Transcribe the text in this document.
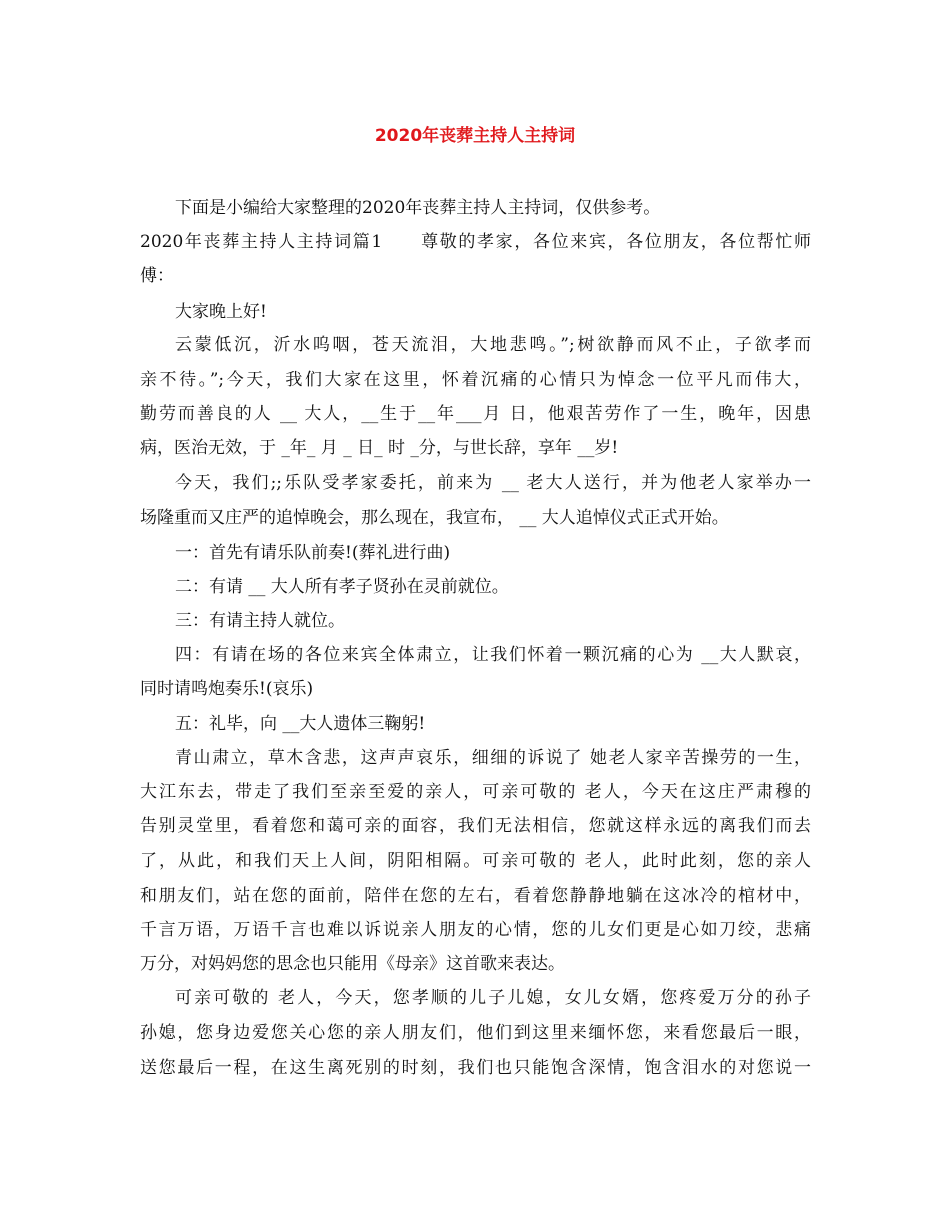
2020年丧葬主持人主持词
下面是小编给大家整理的2020年丧葬主持人主持词，仅供参考。
2020年丧葬主持人主持词篇1　　尊敬的孝家，各位来宾，各位朋友，各位帮忙师
傅：
大家晚上好!
云蒙低沉，沂水呜咽，苍天流泪，大地悲鸣。”;树欲静而风不止，子欲孝而
亲不待。”;今天，我们大家在这里，怀着沉痛的心情只为悼念一位平凡而伟大，
勤劳而善良的人 __ 大人，__生于__年___月 日，他艰苦劳作了一生，晚年，因患
病，医治无效，于 _年_ 月 _ 日_ 时 _分，与世长辞，享年 __岁!
今天，我们;;乐队受孝家委托，前来为 __ 老大人送行，并为他老人家举办一
场隆重而又庄严的追悼晚会，那么现在，我宣布， __ 大人追悼仪式正式开始。
一：首先有请乐队前奏!(葬礼进行曲)
二：有请 __ 大人所有孝子贤孙在灵前就位。
三：有请主持人就位。
四：有请在场的各位来宾全体肃立，让我们怀着一颗沉痛的心为 __大人默哀，
同时请鸣炮奏乐!(哀乐)
五：礼毕，向 __大人遗体三鞠躬!
青山肃立，草木含悲，这声声哀乐，细细的诉说了 她老人家辛苦操劳的一生，
大江东去，带走了我们至亲至爱的亲人，可亲可敬的 老人，今天在这庄严肃穆的
告别灵堂里，看着您和蔼可亲的面容，我们无法相信，您就这样永远的离我们而去
了，从此，和我们天上人间，阴阳相隔。可亲可敬的 老人，此时此刻，您的亲人
和朋友们，站在您的面前，陪伴在您的左右，看着您静静地躺在这冰冷的棺材中，
千言万语，万语千言也难以诉说亲人朋友的心情，您的儿女们更是心如刀绞，悲痛
万分，对妈妈您的思念也只能用《母亲》这首歌来表达。
可亲可敬的 老人，今天，您孝顺的儿子儿媳，女儿女婿，您疼爱万分的孙子
孙媳，您身边爱您关心您的亲人朋友们，他们到这里来缅怀您，来看您最后一眼，
送您最后一程，在这生离死别的时刻，我们也只能饱含深情，饱含泪水的对您说一
